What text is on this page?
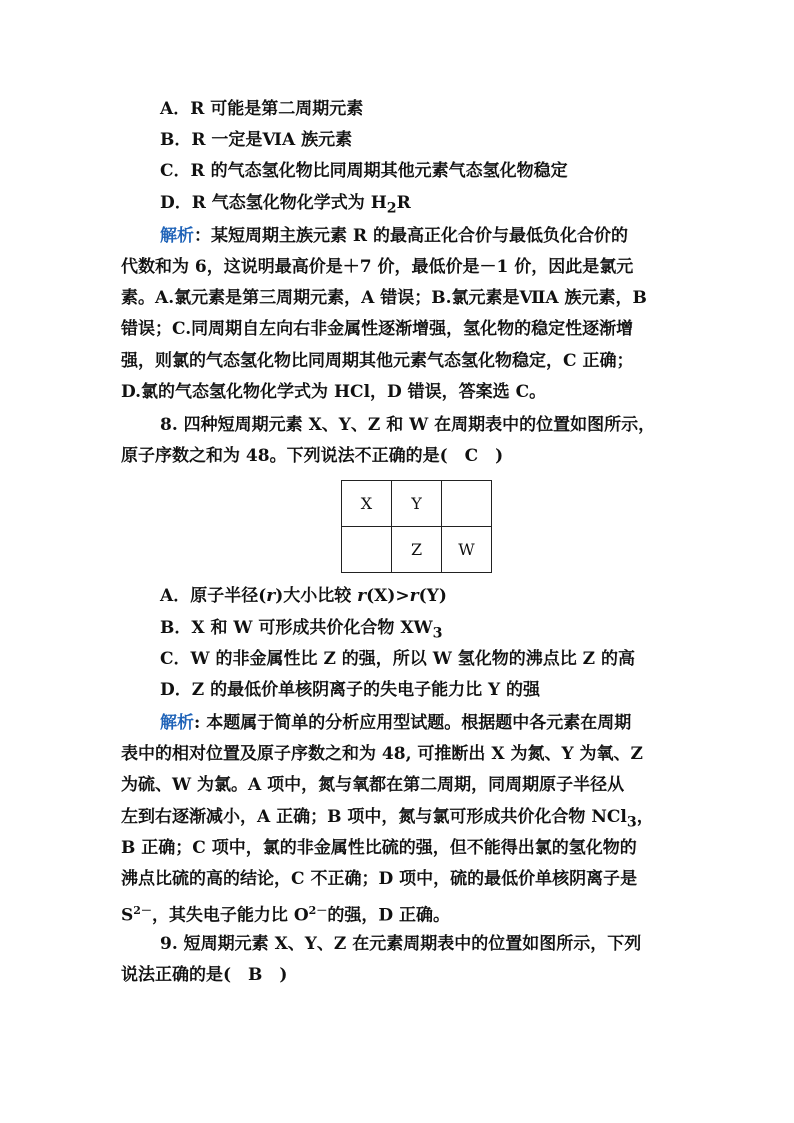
A．R 可能是第二周期元素
B．R 一定是ⅥA 族元素
C．R 的气态氢化物比同周期其他元素气态氢化物稳定
D．R 气态氢化物化学式为 $H_2R$
解析：某短周期主族元素 R 的最高正化合价与最低负化合价的
代数和为 6，这说明最高价是＋7 价，最低价是－1 价，因此是氯元
素。A.氯元素是第三周期元素，A 错误；B.氯元素是ⅦA 族元素，B
错误；C.同周期自左向右非金属性逐渐增强，氢化物的稳定性逐渐增
强，则氯的气态氢化物比同周期其他元素气态氢化物稳定，C 正确；
D.氯的气态氢化物化学式为 HCl，D 错误，答案选 C。
8. 四种短周期元素 X、Y、Z 和 W 在周期表中的位置如图所示，
原子序数之和为 48。下列说法不正确的是(　C　)
X	Y	
	Z	W
A．原子半径(r)大小比较 r(X)>r(Y)
B．X 和 W 可形成共价化合物 $XW_3$
C．W 的非金属性比 Z 的强，所以 W 氢化物的沸点比 Z 的高
D．Z 的最低价单核阴离子的失电子能力比 Y 的强
解析: 本题属于简单的分析应用型试题。根据题中各元素在周期
表中的相对位置及原子序数之和为 48, 可推断出 X 为氮、Y 为氧、Z
为硫、W 为氯。A 项中，氮与氧都在第二周期，同周期原子半径从
左到右逐渐减小，A 正确；B 项中，氮与氯可形成共价化合物 NCl$_3$，
B 正确；C 项中，氯的非金属性比硫的强，但不能得出氯的氢化物的
沸点比硫的高的结论，C 不正确；D 项中，硫的最低价单核阴离子是
$S^{2-}$，其失电子能力比 $O^{2-}$的强，D 正确。
9. 短周期元素 X、Y、Z 在元素周期表中的位置如图所示，下列
说法正确的是(　B　)
